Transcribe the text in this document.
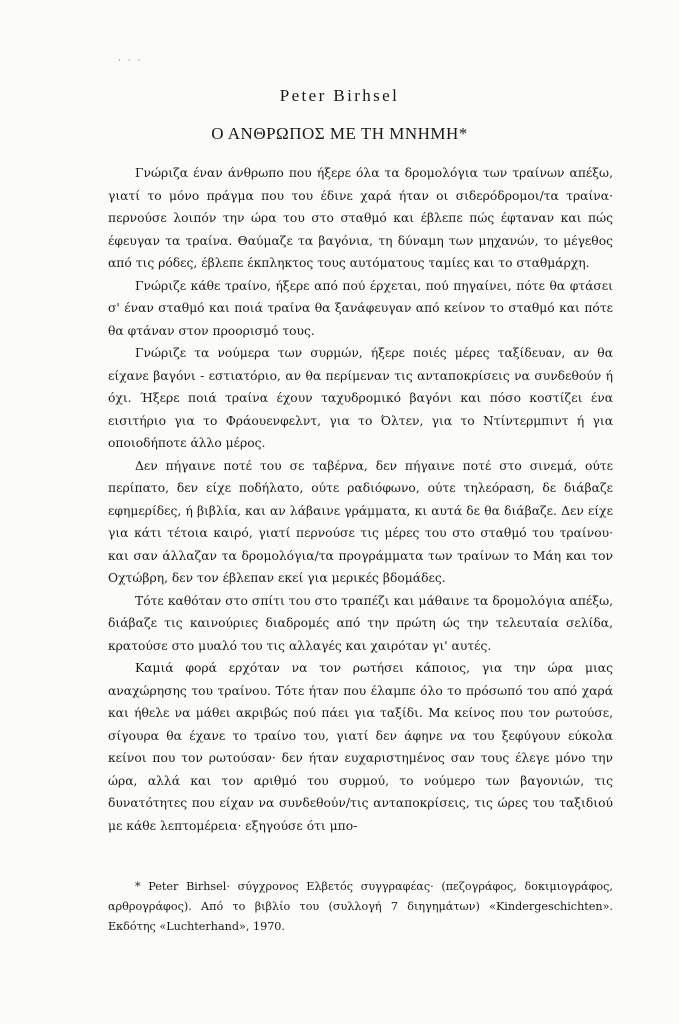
· · ·
Peter Birhsel
Ο ΑΝΘΡΩΠΟΣ ΜΕ ΤΗ ΜΝΗΜΗ*

Γνώριζα έναν άνθρωπο που ήξερε όλα τα δρομολόγια των τραίνων απέξω, γιατί το μόνο πράγμα που του έδινε χαρά ήταν οι σιδερόδρομοι/τα τραίνα· περνούσε λοιπόν την ώρα του στο σταθμό και έβλεπε πώς έφταναν και πώς έφευγαν τα τραίνα. Θαύμαζε τα βαγόνια, τη δύναμη των μηχανών, το μέγεθος από τις ρόδες, έβλεπε έκπληκτος τους αυτόματους ταμίες και το σταθμάρχη.

Γνώριζε κάθε τραίνο, ήξερε από πού έρχεται, πού πηγαίνει, πότε θα φτάσει σ' έναν σταθμό και ποιά τραίνα θα ξανάφευγαν από κείνον το σταθμό και πότε θα φτάναν στον προορισμό τους.

Γνώριζε τα νούμερα των συρμών, ήξερε ποιές μέρες ταξίδευαν, αν θα είχανε βαγόνι - εστιατόριο, αν θα περίμεναν τις ανταποκρίσεις να συνδεθούν ή όχι. Ήξερε ποιά τραίνα έχουν ταχυδρομικό βαγόνι και πόσο κοστίζει ένα εισιτήριο για το Φράουενφελντ, για το Όλτεν, για το Ντίντερμπιντ ή για οποιοδήποτε άλλο μέρος.

Δεν πήγαινε ποτέ του σε ταβέρνα, δεν πήγαινε ποτέ στο σινεμά, ούτε περίπατο, δεν είχε ποδήλατο, ούτε ραδιόφωνο, ούτε τηλεόραση, δε διάβαζε εφημερίδες, ή βιβλία, και αν λάβαινε γράμματα, κι αυτά δε θα διάβαζε. Δεν είχε για κάτι τέτοια καιρό, γιατί περνούσε τις μέρες του στο σταθμό του τραίνου· και σαν άλλαζαν τα δρομολόγια/τα προγράμματα των τραίνων το Μάη και τον Οχτώβρη, δεν τον έβλεπαν εκεί για μερικές βδομάδες.

Τότε καθόταν στο σπίτι του στο τραπέζι και μάθαινε τα δρομολόγια απέξω, διάβαζε τις καινούριες διαδρομές από την πρώτη ώς την τελευταία σελίδα, κρατούσε στο μυαλό του τις αλλαγές και χαιρόταν γι' αυτές.

Καμιά φορά ερχόταν να τον ρωτήσει κάποιος, για την ώρα μιας αναχώρησης του τραίνου. Τότε ήταν που έλαμπε όλο το πρόσωπό του από χαρά και ήθελε να μάθει ακριβώς πού πάει για ταξίδι. Μα κείνος που τον ρωτούσε, σίγουρα θα έχανε το τραίνο του, γιατί δεν άφηνε να του ξεφύγουν εύκολα κείνοι που τον ρωτούσαν· δεν ήταν ευχαριστημένος σαν τους έλεγε μόνο την ώρα, αλλά και τον αριθμό του συρμού, το νούμερο των βαγονιών, τις δυνατότητες που είχαν να συνδεθούν/τις ανταποκρίσεις, τις ώρες του ταξιδιού με κάθε λεπτομέρεια· εξηγούσε ότι μπο-

* Peter Birhsel· σύγχρονος Ελβετός συγγραφέας· (πεζογράφος, δοκιμιογράφος, αρθρογράφος). Από το βιβλίο του (συλλογή 7 διηγημάτων) «Kindergeschichten». Εκδότης «Luchterhand», 1970.
